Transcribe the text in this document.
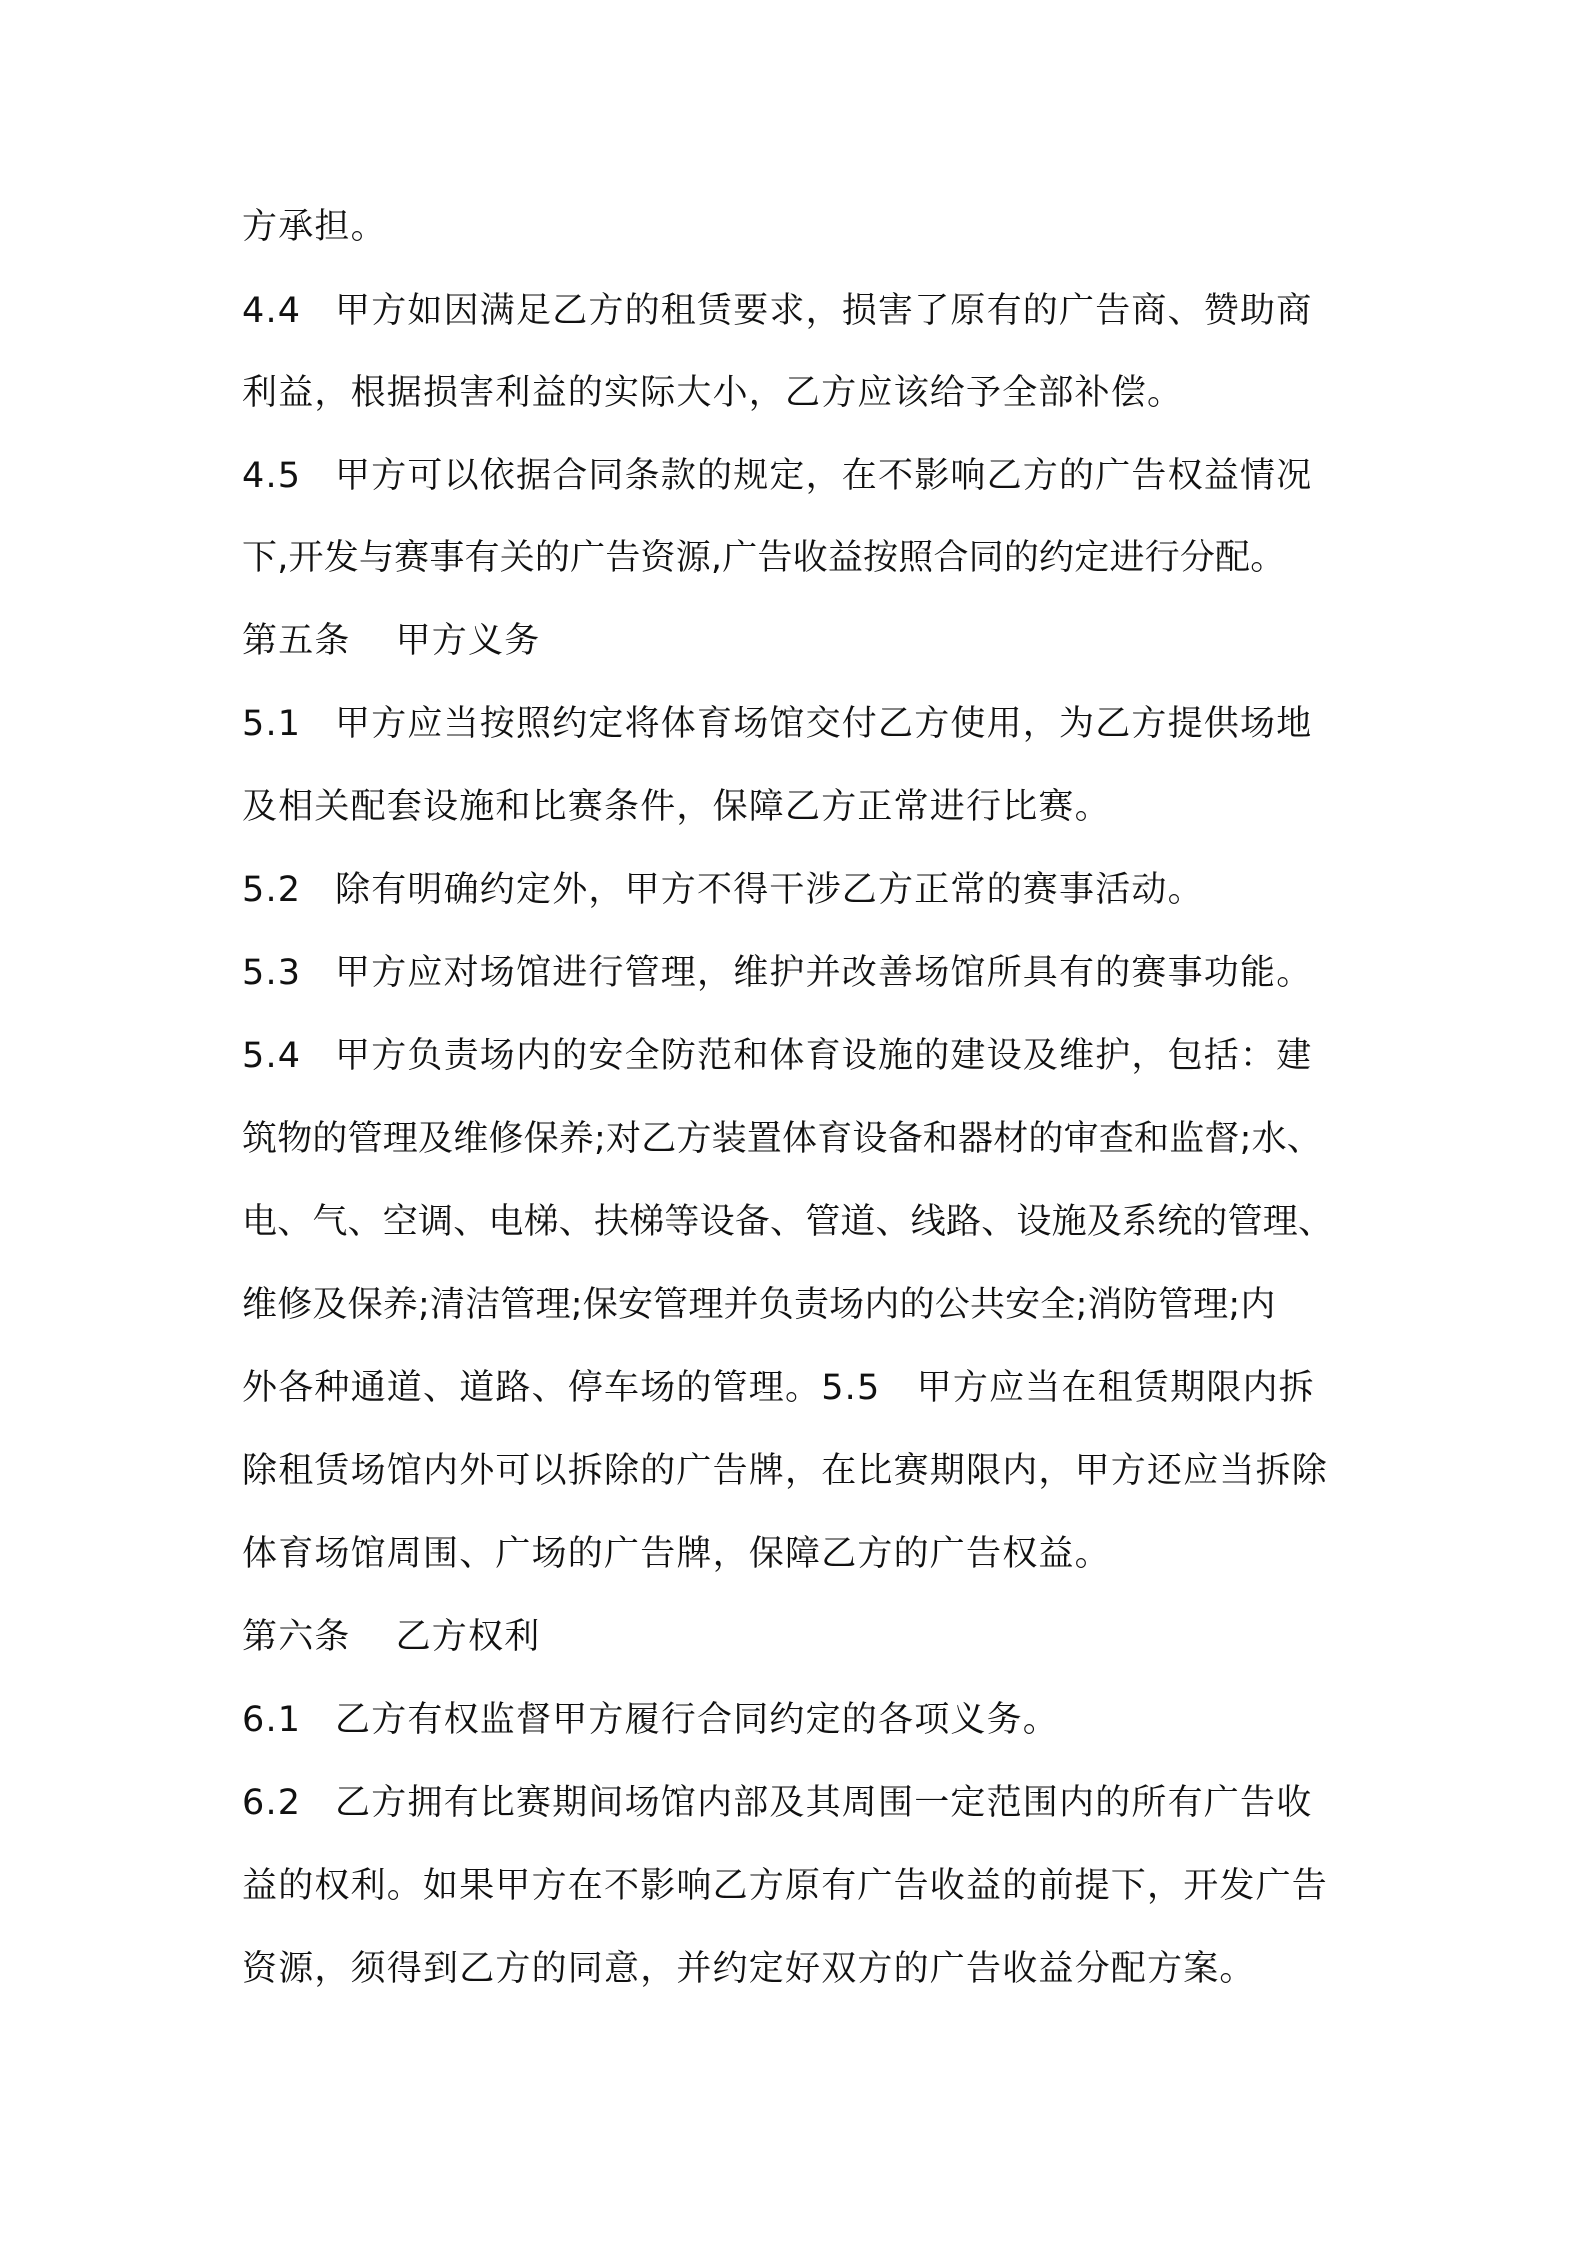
方承担。
4.4 甲方如因满足乙方的租赁要求，损害了原有的广告商、赞助商
利益，根据损害利益的实际大小，乙方应该给予全部补偿。
4.5 甲方可以依据合同条款的规定，在不影响乙方的广告权益情况
下,开发与赛事有关的广告资源,广告收益按照合同的约定进行分配。
第五条 甲方义务
5.1 甲方应当按照约定将体育场馆交付乙方使用，为乙方提供场地
及相关配套设施和比赛条件，保障乙方正常进行比赛。
5.2 除有明确约定外，甲方不得干涉乙方正常的赛事活动。
5.3 甲方应对场馆进行管理，维护并改善场馆所具有的赛事功能。
5.4 甲方负责场内的安全防范和体育设施的建设及维护，包括：建
筑物的管理及维修保养;对乙方装置体育设备和器材的审查和监督;水、
电、气、空调、电梯、扶梯等设备、管道、线路、设施及系统的管理、
维修及保养;清洁管理;保安管理并负责场内的公共安全;消防管理;内
外各种通道、道路、停车场的管理。5.5　甲方应当在租赁期限内拆
除租赁场馆内外可以拆除的广告牌，在比赛期限内，甲方还应当拆除
体育场馆周围、广场的广告牌，保障乙方的广告权益。
第六条 乙方权利
6.1 乙方有权监督甲方履行合同约定的各项义务。
6.2 乙方拥有比赛期间场馆内部及其周围一定范围内的所有广告收
益的权利。如果甲方在不影响乙方原有广告收益的前提下，开发广告
资源，须得到乙方的同意，并约定好双方的广告收益分配方案。
